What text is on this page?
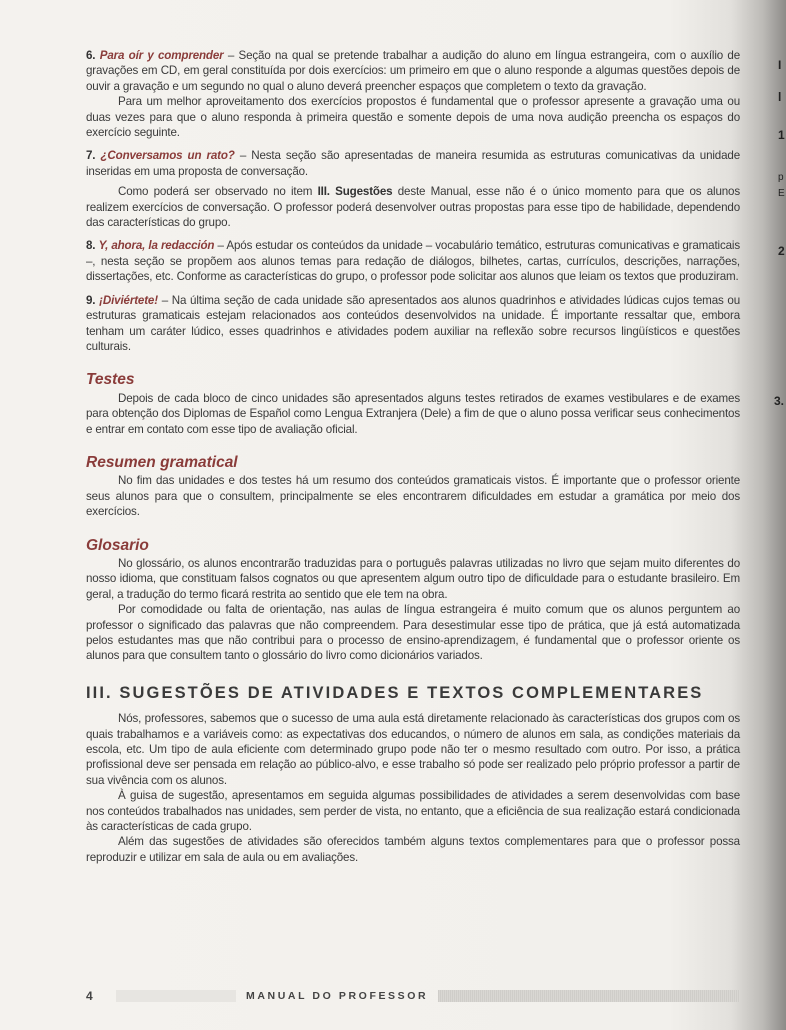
6. Para oír y comprender – Seção na qual se pretende trabalhar a audição do aluno em língua estrangeira, com o auxílio de gravações em CD, em geral constituída por dois exercícios: um primeiro em que o aluno responde a algumas questões depois de ouvir a gravação e um segundo no qual o aluno deverá preencher espaços que completem o texto da gravação.

Para um melhor aproveitamento dos exercícios propostos é fundamental que o professor apresente a gravação uma ou duas vezes para que o aluno responda à primeira questão e somente depois de uma nova audição preencha os espaços do exercício seguinte.

7. ¿Conversamos un rato? – Nesta seção são apresentadas de maneira resumida as estruturas comunicativas da unidade inseridas em uma proposta de conversação.

Como poderá ser observado no item III. Sugestões deste Manual, esse não é o único momento para que os alunos realizem exercícios de conversação. O professor poderá desenvolver outras propostas para esse tipo de habilidade, dependendo das características do grupo.

8. Y, ahora, la redacción – Após estudar os conteúdos da unidade – vocabulário temático, estruturas comunicativas e gramaticais –, nesta seção se propõem aos alunos temas para redação de diálogos, bilhetes, cartas, currículos, descrições, narrações, dissertações, etc. Conforme as características do grupo, o professor pode solicitar aos alunos que leiam os textos que produziram.

9. ¡Diviértete! – Na última seção de cada unidade são apresentados aos alunos quadrinhos e atividades lúdicas cujos temas ou estruturas gramaticais estejam relacionados aos conteúdos desenvolvidos na unidade. É importante ressaltar que, embora tenham um caráter lúdico, esses quadrinhos e atividades podem auxiliar na reflexão sobre recursos lingüísticos e questões culturais.

Testes

Depois de cada bloco de cinco unidades são apresentados alguns testes retirados de exames vestibulares e de exames para obtenção dos Diplomas de Español como Lengua Extranjera (Dele) a fim de que o aluno possa verificar seus conhecimentos e entrar em contato com esse tipo de avaliação oficial.

Resumen gramatical

No fim das unidades e dos testes há um resumo dos conteúdos gramaticais vistos. É importante que o professor oriente seus alunos para que o consultem, principalmente se eles encontrarem dificuldades em estudar a gramática por meio dos exercícios.

Glosario

No glossário, os alunos encontrarão traduzidas para o português palavras utilizadas no livro que sejam muito diferentes do nosso idioma, que constituam falsos cognatos ou que apresentem algum outro tipo de dificuldade para o estudante brasileiro. Em geral, a tradução do termo ficará restrita ao sentido que ele tem na obra.

Por comodidade ou falta de orientação, nas aulas de língua estrangeira é muito comum que os alunos perguntem ao professor o significado das palavras que não compreendem. Para desestimular esse tipo de prática, que já está automatizada pelos estudantes mas que não contribui para o processo de ensino-aprendizagem, é fundamental que o professor oriente os alunos para que consultem tanto o glossário do livro como dicionários variados.

III. SUGESTÕES DE ATIVIDADES E TEXTOS COMPLEMENTARES

Nós, professores, sabemos que o sucesso de uma aula está diretamente relacionado às características dos grupos com os quais trabalhamos e a variáveis como: as expectativas dos educandos, o número de alunos em sala, as condições materiais da escola, etc. Um tipo de aula eficiente com determinado grupo pode não ter o mesmo resultado com outro. Por isso, a prática profissional deve ser pensada em relação ao público-alvo, e esse trabalho só pode ser realizado pelo próprio professor a partir de sua vivência com os alunos.

À guisa de sugestão, apresentamos em seguida algumas possibilidades de atividades a serem desenvolvidas com base nos conteúdos trabalhados nas unidades, sem perder de vista, no entanto, que a eficiência de sua realização estará condicionada às características de cada grupo.

Além das sugestões de atividades são oferecidos também alguns textos complementares para que o professor possa reproduzir e utilizar em sala de aula ou em avaliações.

4	MANUAL DO PROFESSOR
I
l
1
p
E
2
3.
